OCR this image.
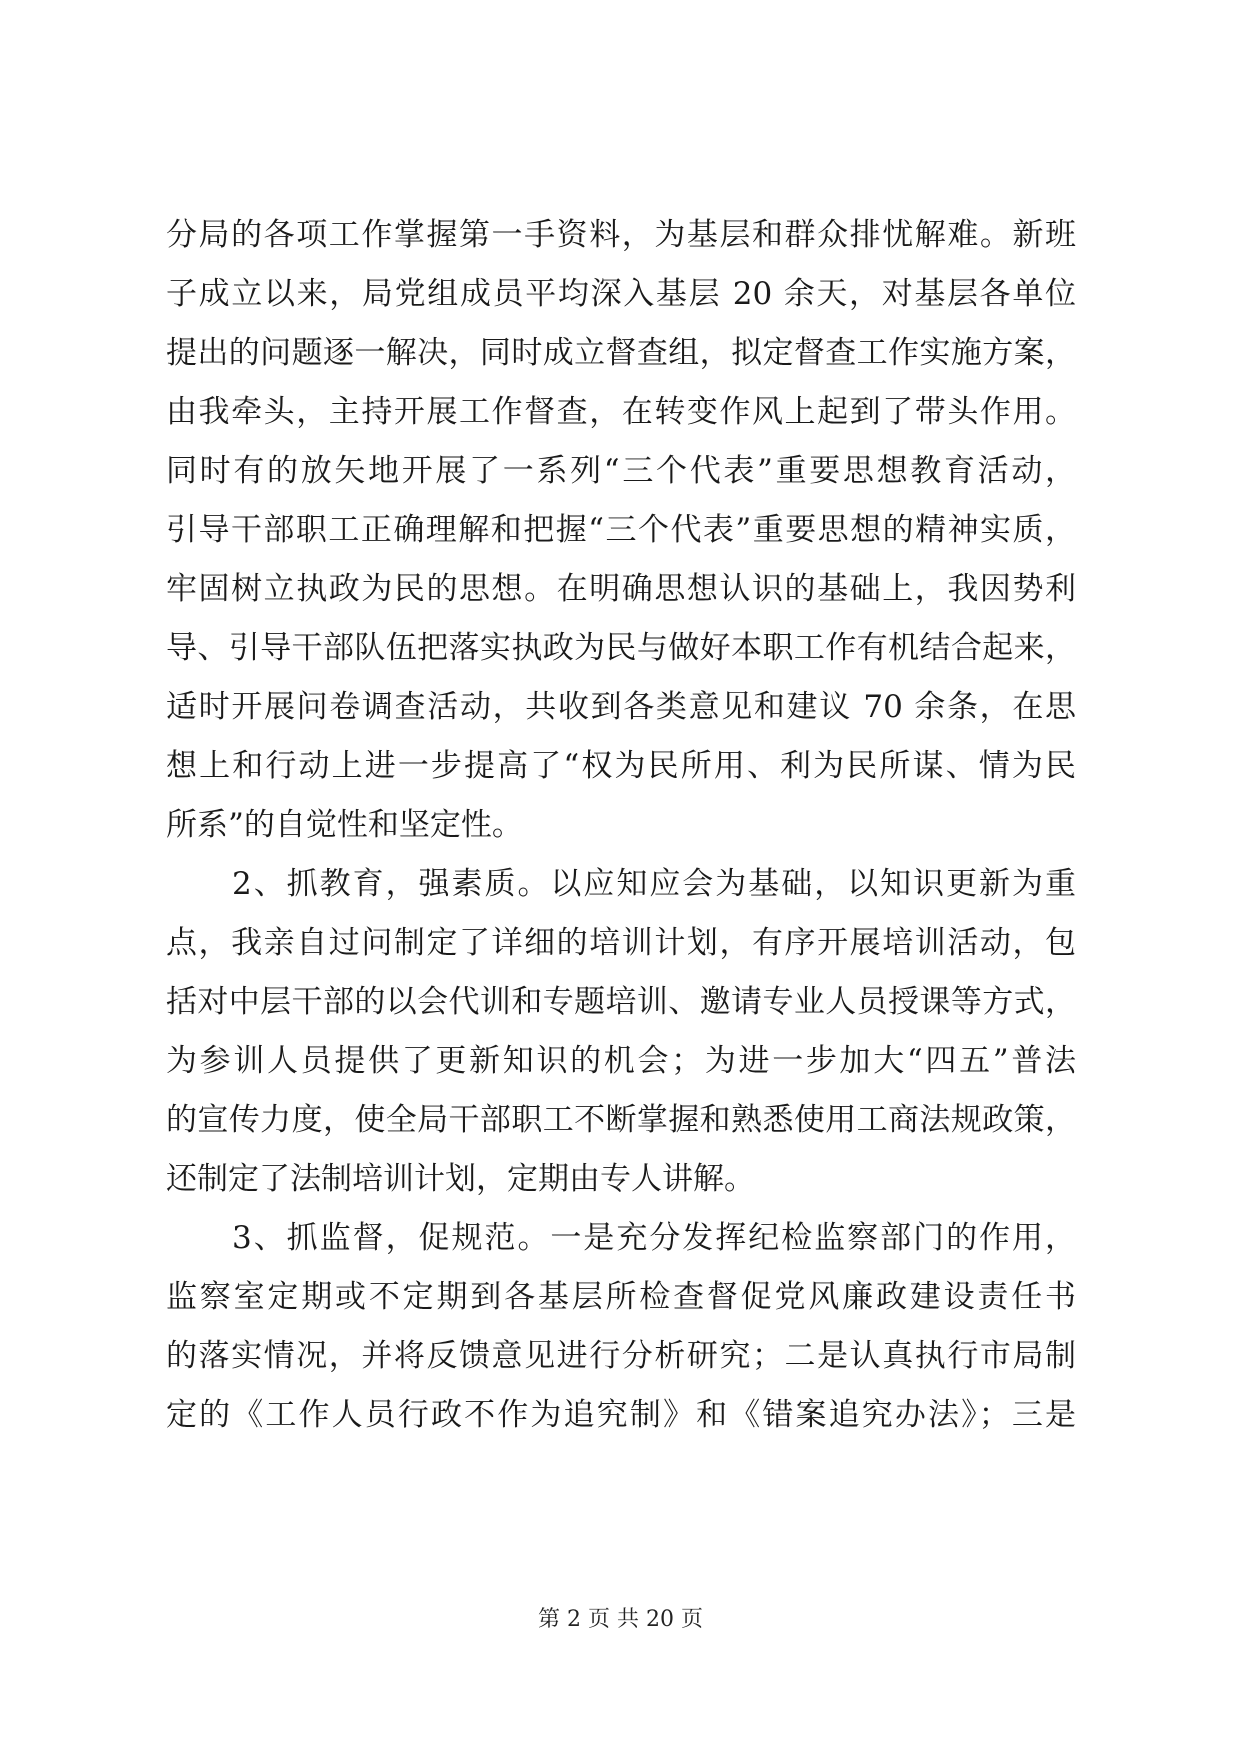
分局的各项工作掌握第一手资料，为基层和群众排忧解难。新班
子成立以来，局党组成员平均深入基层 20 余天，对基层各单位
提出的问题逐一解决，同时成立督查组，拟定督查工作实施方案，
由我牵头，主持开展工作督查，在转变作风上起到了带头作用。
同时有的放矢地开展了一系列“三个代表”重要思想教育活动，
引导干部职工正确理解和把握“三个代表”重要思想的精神实质，
牢固树立执政为民的思想。在明确思想认识的基础上，我因势利
导、引导干部队伍把落实执政为民与做好本职工作有机结合起来，
适时开展问卷调查活动，共收到各类意见和建议 70 余条，在思
想上和行动上进一步提高了“权为民所用、利为民所谋、情为民
所系”的自觉性和坚定性。
2、抓教育，强素质。以应知应会为基础，以知识更新为重
点，我亲自过问制定了详细的培训计划，有序开展培训活动，包
括对中层干部的以会代训和专题培训、邀请专业人员授课等方式，
为参训人员提供了更新知识的机会；为进一步加大“四五”普法
的宣传力度，使全局干部职工不断掌握和熟悉使用工商法规政策，
还制定了法制培训计划，定期由专人讲解。
3、抓监督，促规范。一是充分发挥纪检监察部门的作用，
监察室定期或不定期到各基层所检查督促党风廉政建设责任书
的落实情况，并将反馈意见进行分析研究；二是认真执行市局制
定的《工作人员行政不作为追究制》和《错案追究办法》；三是
第 2 页 共 20 页
